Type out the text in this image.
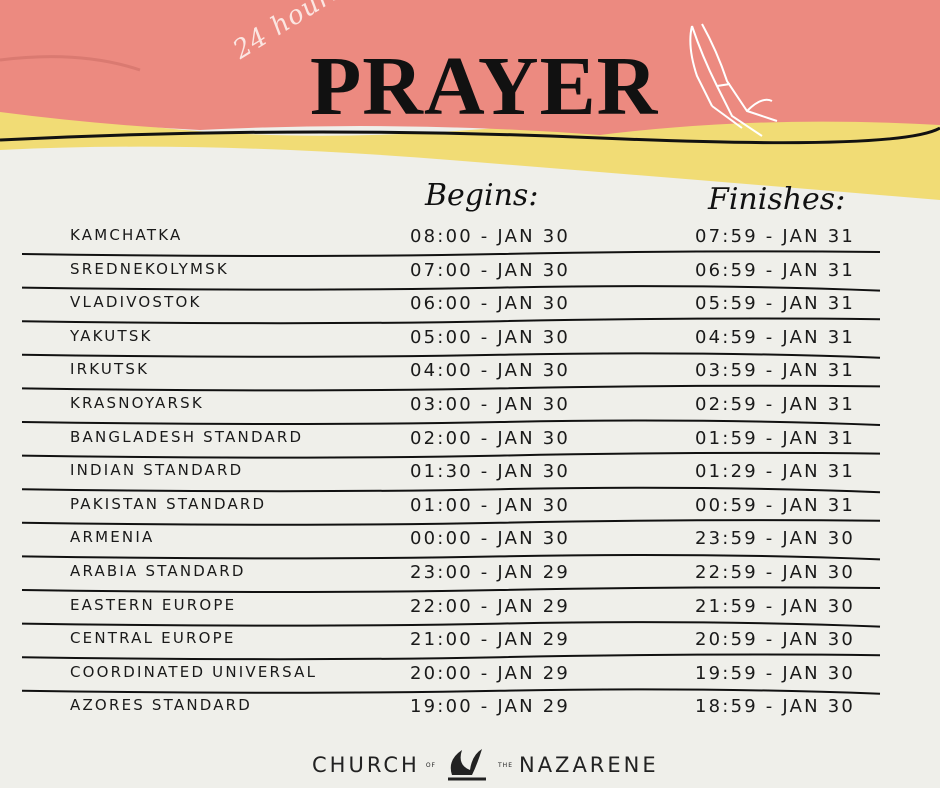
PRAYER
Begins:	Finishes:
KAMCHATKA	08:00 - JAN 30	07:59 - JAN 31
SREDNEKOLYMSK	07:00 - JAN 30	06:59 - JAN 31
VLADIVOSTOK	06:00 - JAN 30	05:59 - JAN 31
YAKUTSK	05:00 - JAN 30	04:59 - JAN 31
IRKUTSK	04:00 - JAN 30	03:59 - JAN 31
KRASNOYARSK	03:00 - JAN 30	02:59 - JAN 31
BANGLADESH STANDARD	02:00 - JAN 30	01:59 - JAN 31
INDIAN STANDARD	01:30 - JAN 30	01:29 - JAN 31
PAKISTAN STANDARD	01:00 - JAN 30	00:59 - JAN 31
ARMENIA	00:00 - JAN 30	23:59 - JAN 30
ARABIA STANDARD	23:00 - JAN 29	22:59 - JAN 30
EASTERN EUROPE	22:00 - JAN 29	21:59 - JAN 30
CENTRAL EUROPE	21:00 - JAN 29	20:59 - JAN 30
COORDINATED UNIVERSAL	20:00 - JAN 29	19:59 - JAN 30
AZORES STANDARD	19:00 - JAN 29	18:59 - JAN 30
CHURCH OF	THE NAZARENE
